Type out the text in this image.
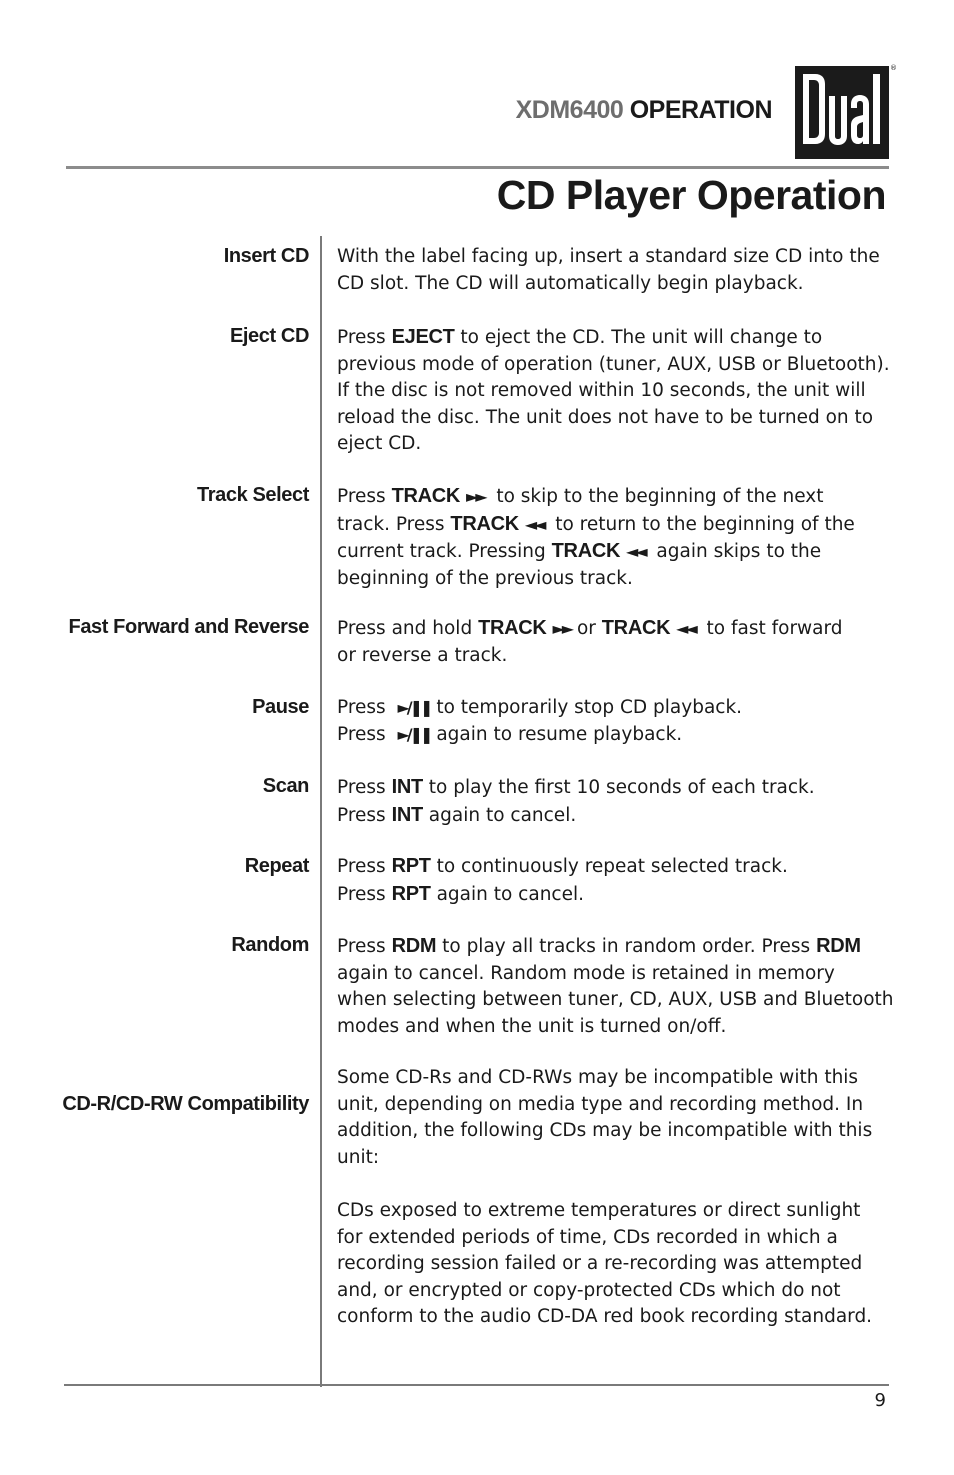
XDM6400 OPERATION
®
CD Player Operation
Insert CD With the label facing up, insert a standard size CD into the
CD slot. The CD will automatically begin playback.
Eject CD Press EJECT to eject the CD. The unit will change to
previous mode of operation (tuner, AUX, USB or Bluetooth).
If the disc is not removed within 10 seconds, the unit will
reload the disc. The unit does not have to be turned on to
eject CD.
Track Select Press TRACK ►► to skip to the beginning of the next
track. Press TRACK ◄◄ to return to the beginning of the
current track. Pressing TRACK ◄◄ again skips to the
beginning of the previous track.
Fast Forward and Reverse Press and hold TRACK ►► or TRACK ◄◄ to fast forward
or reverse a track.
Pause Press ►/❚❚ to temporarily stop CD playback.
Press ►/❚❚ again to resume playback.
Scan Press INT to play the first 10 seconds of each track.
Press INT again to cancel.
Repeat Press RPT to continuously repeat selected track.
Press RPT again to cancel.
Random Press RDM to play all tracks in random order. Press RDM
again to cancel. Random mode is retained in memory
when selecting between tuner, CD, AUX, USB and Bluetooth
modes and when the unit is turned on/off.
CD-R/CD-RW Compatibility
Some CD-Rs and CD-RWs may be incompatible with this
unit, depending on media type and recording method. In
addition, the following CDs may be incompatible with this
unit:
CDs exposed to extreme temperatures or direct sunlight
for extended periods of time, CDs recorded in which a
recording session failed or a re-recording was attempted
and, or encrypted or copy-protected CDs which do not
conform to the audio CD-DA red book recording standard.
9
